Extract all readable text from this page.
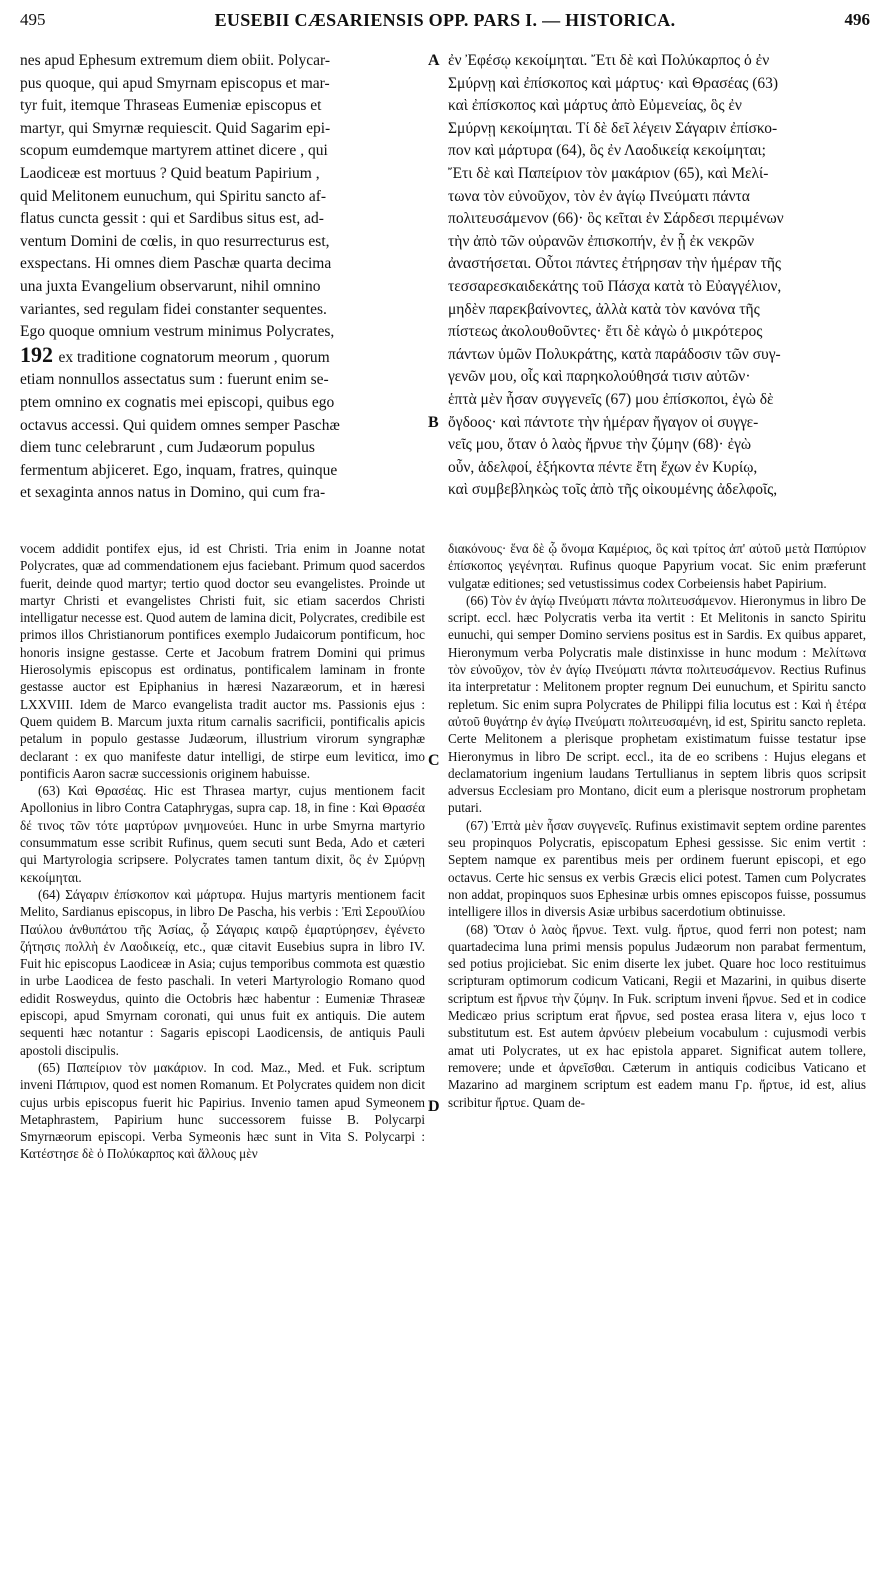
495	EUSEBII CÆSARIENSIS OPP. PARS I. — HISTORICA.	496
nes apud Ephesum extremum diem obiit. Polycar-
pus quoque, qui apud Smyrnam episcopus et mar-
tyr fuit, itemque Thraseas Eumeniæ episcopus et
martyr, qui Smyrnæ requiescit. Quid Sagarim epi-
scopum eumdemque martyrem attinet dicere , qui
Laodiceæ est mortuus ? Quid beatum Papirium ,
quid Melitonem eunuchum, qui Spiritu sancto af-
flatus cuncta gessit : qui et Sardibus situs est, ad-
ventum Domini de cœlis, in quo resurrecturus est,
exspectans. Hi omnes diem Paschæ quarta decima
una juxta Evangelium observarunt, nihil omnino
variantes, sed regulam fidei constanter sequentes.
Ego quoque omnium vestrum minimus Polycrates,
192 ex traditione cognatorum meorum , quorum
etiam nonnullos assectatus sum : fuerunt enim se-
ptem omnino ex cognatis mei episcopi, quibus ego
octavus accessi. Qui quidem omnes semper Paschæ
diem tunc celebrarunt , cum Judæorum populus
fermentum abjiceret. Ego, inquam, fratres, quinque
et sexaginta annos natus in Domino, qui cum fra-
ἐν Ἐφέσῳ κεκοίμηται. Ἔτι δὲ καὶ Πολύκαρπος ὁ ἐν
Σμύρνῃ καὶ ἐπίσκοπος καὶ μάρτυς· καὶ Θρασέας (63)
καὶ ἐπίσκοπος καὶ μάρτυς ἀπὸ Εὐμενείας, ὃς ἐν
Σμύρνῃ κεκοίμηται. Τί δὲ δεῖ λέγειν Σάγαριν ἐπίσκο-
πον καὶ μάρτυρα (64), ὃς ἐν Λαοδικείᾳ κεκοίμηται;
Ἔτι δὲ καὶ Παπείριον τὸν μακάριον (65), καὶ Μελί-
τωνα τὸν εὐνοῦχον, τὸν ἐν ἁγίῳ Πνεύματι πάντα
πολιτευσάμενον (66)· ὃς κεῖται ἐν Σάρδεσι περιμένων
τὴν ἀπὸ τῶν οὐρανῶν ἐπισκοπήν, ἐν ᾗ ἐκ νεκρῶν
ἀναστήσεται. Οὗτοι πάντες ἐτήρησαν τὴν ἡμέραν τῆς
τεσσαρεσκαιδεκάτης τοῦ Πάσχα κατὰ τὸ Εὐαγγέλιον,
μηδὲν παρεκβαίνοντες, ἀλλὰ κατὰ τὸν κανόνα τῆς
πίστεως ἀκολουθοῦντες· ἔτι δὲ κἀγὼ ὁ μικρότερος
πάντων ὑμῶν Πολυκράτης, κατὰ παράδοσιν τῶν συγ-
γενῶν μου, οἷς καὶ παρηκολούθησά τισιν αὐτῶν·
ἑπτὰ μὲν ἦσαν συγγενεῖς (67) μου ἐπίσκοποι, ἐγὼ δὲ
ὄγδοος· καὶ πάντοτε τὴν ἡμέραν ἤγαγον οἱ συγγε-
νεῖς μου, ὅταν ὁ λαὸς ἤρνυε τὴν ζύμην (68)· ἐγὼ
οὖν, ἀδελφοί, ἑξήκοντα πέντε ἔτη ἔχων ἐν Κυρίῳ,
καὶ συμβεβληκὼς τοῖς ἀπὸ τῆς οἰκουμένης ἀδελφοῖς,
A
B
C
D

vocem addidit pontifex ejus, id est Christi. Tria enim in Joanne notat Polycrates, quæ ad commendationem ejus faciebant. Primum quod sacerdos fuerit, deinde quod martyr; tertio quod doctor seu evangelistes. Proinde ut martyr Christi et evangelistes Christi fuit, sic etiam sacerdos Christi intelligatur necesse est. Quod autem de lamina dicit, Polycrates, credibile est primos illos Christianorum pontifices exemplo Judaicorum pontificum, hoc honoris insigne gestasse. Certe et Jacobum fratrem Domini qui primus Hierosolymis episcopus est ordinatus, pontificalem laminam in fronte gestasse auctor est Epiphanius in hæresi Nazaræorum, et in hæresi LXXVIII. Idem de Marco evangelista tradit auctor ms. Passionis ejus : Quem quidem B. Marcum juxta ritum carnalis sacrificii, pontificalis apicis petalum in populo gestasse Judæorum, illustrium virorum syngraphæ declarant : ex quo manifeste datur intelligi, de stirpe eum leviticα, imo pontificis Aaron sacræ successionis originem habuisse.

(63) Καὶ Θρασέας. Hic est Thrasea martyr, cujus mentionem facit Apollonius in libro Contra Cataphrygas, supra cap. 18, in fine : Καὶ Θρασέα δέ τινος τῶν τότε μαρτύρων μνημονεύει. Hunc in urbe Smyrna martyrio consummatum esse scribit Rufinus, quem secuti sunt Beda, Ado et cæteri qui Martyrologia scripsere. Polycrates tamen tantum dixit, ὃς ἐν Σμύρνῃ κεκοίμηται.

(64) Σάγαριν ἐπίσκοπον καὶ μάρτυρα. Hujus martyris mentionem facit Melito, Sardianus episcopus, in libro De Pascha, his verbis : Ἐπὶ Σερουϊλίου Παύλου ἀνθυπάτου τῆς Ἀσίας, ᾧ Σάγαρις καιρῷ ἐμαρτύρησεν, ἐγένετο ζήτησις πολλὴ ἐν Λαοδικείᾳ, etc., quæ citavit Eusebius supra in libro IV. Fuit hic episcopus Laodiceæ in Asia; cujus temporibus commota est quæstio in urbe Laodicea de festo paschali. In veteri Martyrologio Romano quod edidit Rosweydus, quinto die Octobris hæc habentur : Eumeniæ Thraseæ episcopi, apud Smyrnam coronati, qui unus fuit ex antiquis. Die autem sequenti hæc notantur : Sagaris episcopi Laodicensis, de antiquis Pauli apostoli discipulis.

(65) Παπείριον τὸν μακάριον. In cod. Maz., Med. et Fuk. scriptum inveni Πάπιριον, quod est nomen Romanum. Et Polycrates quidem non dicit cujus urbis episcopus fuerit hic Papirius. Invenio tamen apud Symeonem Metaphrastem, Papirium hunc successorem fuisse B. Polycarpi Smyrnæorum episcopi. Verba Symeonis hæc sunt in Vita S. Polycarpi : Κατέστησε δὲ ὁ Πολύκαρπος καὶ ἄλλους μὲν

διακόνους· ἕνα δὲ ᾧ ὄνομα Καμέριος, ὃς καὶ τρίτος ἀπ' αὐτοῦ μετὰ Παπύριον ἐπίσκοπος γεγένηται. Rufinus quoque Papyrium vocat. Sic enim præferunt vulgatæ editiones; sed vetustissimus codex Corbeiensis habet Papirium.

(66) Τὸν ἐν ἁγίῳ Πνεύματι πάντα πολιτευσάμενον. Hieronymus in libro De script. eccl. hæc Polycratis verba ita vertit : Et Melitonis in sancto Spiritu eunuchi, qui semper Domino serviens positus est in Sardis. Ex quibus apparet, Hieronymum verba Polycratis male distinxisse in hunc modum : Μελίτωνα τὸν εὐνοῦχον, τὸν ἐν ἁγίῳ Πνεύματι πάντα πολιτευσάμενον. Rectius Rufinus ita interpretatur : Melitonem propter regnum Dei eunuchum, et Spiritu sancto repletum. Sic enim supra Polycrates de Philippi filia locutus est : Καὶ ἡ ἑτέρα αὐτοῦ θυγάτηρ ἐν ἁγίῳ Πνεύματι πολιτευσαμένη, id est, Spiritu sancto repleta. Certe Melitonem a plerisque prophetam existimatum fuisse testatur ipse Hieronymus in libro De script. eccl., ita de eo scribens : Hujus elegans et declamatorium ingenium laudans Tertullianus in septem libris quos scripsit adversus Ecclesiam pro Montano, dicit eum a plerisque nostrorum prophetam putari.

(67) Ἑπτὰ μὲν ἦσαν συγγενεῖς. Rufinus existimavit septem ordine parentes seu propinquos Polycratis, episcopatum Ephesi gessisse. Sic enim vertit : Septem namque ex parentibus meis per ordinem fuerunt episcopi, et ego octavus. Certe hic sensus ex verbis Græcis elici potest. Tamen cum Polycrates non addat, propinquos suos Ephesinæ urbis omnes episcopos fuisse, possumus intelligere illos in diversis Asiæ urbibus sacerdotium obtinuisse.

(68) Ὅταν ὁ λαὸς ἤρνυε. Text. vulg. ἤρτυε, quod ferri non potest; nam quartadecima luna primi mensis populus Judæorum non parabat fermentum, sed potius projiciebat. Sic enim diserte lex jubet. Quare hoc loco restituimus scripturam optimorum codicum Vaticani, Regii et Mazarini, in quibus diserte scriptum est ἤρνυε τὴν ζύμην. In Fuk. scriptum inveni ἤρνυε. Sed et in codice Medicæo prius scriptum erat ἤρνυε, sed postea erasa litera ν, ejus loco τ substitutum est. Est autem ἀρνύειν plebeium vocabulum : cujusmodi verbis amat uti Polycrates, ut ex hac epistola apparet. Significat autem tollere, removere; unde et ἀρνεῖσθαι. Cæterum in antiquis codicibus Vaticano et Mazarino ad marginem scriptum est eadem manu Γρ. ἤρτυε, id est, alius scribitur ἤρτυε. Quam de-
